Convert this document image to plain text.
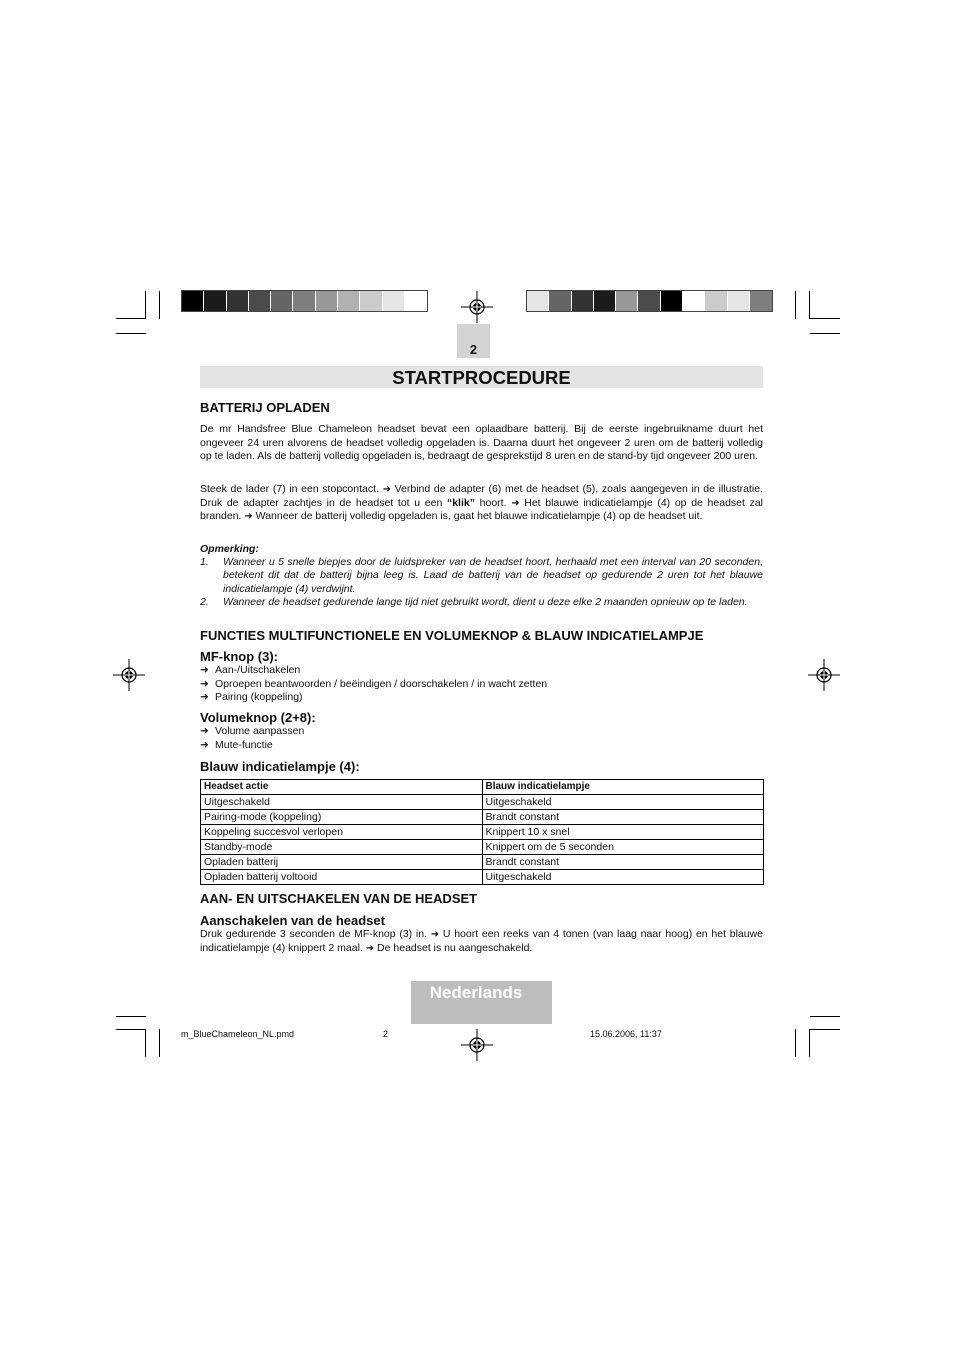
2
STARTPROCEDURE
BATTERIJ OPLADEN
De mr Handsfree Blue Chameleon headset bevat een oplaadbare batterij. Bij de eerste ingebruikname duurt het ongeveer 24 uren alvorens de headset volledig opgeladen is. Daarna duurt het ongeveer 2 uren om de batterij volledig op te laden. Als de batterij volledig opgeladen is, bedraagt de gesprekstijd 8 uren en de stand-by tijd ongeveer 200 uren.
Steek de lader (7) in een stopcontact. ➜ Verbind de adapter (6) met de headset (5), zoals aangegeven in de illustratie. Druk de adapter zachtjes in de headset tot u een “klik” hoort. ➜ Het blauwe indicatielampje (4) op de headset zal branden. ➜ Wanneer de batterij volledig opgeladen is, gaat het blauwe indicatielampje (4) op de headset uit.
Opmerking:
1. Wanneer u 5 snelle biepjes door de luidspreker van de headset hoort, herhaald met een interval van 20 seconden, betekent dit dat de batterij bijna leeg is. Laad de batterij van de headset op gedurende 2 uren tot het blauwe indicatielampje (4) verdwijnt.
2. Wanneer de headset gedurende lange tijd niet gebruikt wordt, dient u deze elke 2 maanden opnieuw op te laden.
FUNCTIES MULTIFUNCTIONELE EN VOLUMEKNOP & BLAUW INDICATIELAMPJE
MF-knop (3):
➜ Aan-/Uitschakelen
➜ Oproepen beantwoorden / beëindigen / doorschakelen / in wacht zetten
➜ Pairing (koppeling)
Volumeknop (2+8):
➜ Volume aanpassen
➜ Mute-functie
Blauw indicatielampje (4):
Headset actie	Blauw indicatielampje
Uitgeschakeld	Uitgeschakeld
Pairing-mode (koppeling)	Brandt constant
Koppeling succesvol verlopen	Knippert 10 x snel
Standby-mode	Knippert om de 5 seconden
Opladen batterij	Brandt constant
Opladen batterij voltooid	Uitgeschakeld
AAN- EN UITSCHAKELEN VAN DE HEADSET
Aanschakelen van de headset
Druk gedurende 3 seconden de MF-knop (3) in. ➜ U hoort een reeks van 4 tonen (van laag naar hoog) en het blauwe indicatielampje (4) knippert 2 maal. ➜ De headset is nu aangeschakeld.
Nederlands
m_BlueChameleon_NL.pmd	2	15.06.2006, 11:37
